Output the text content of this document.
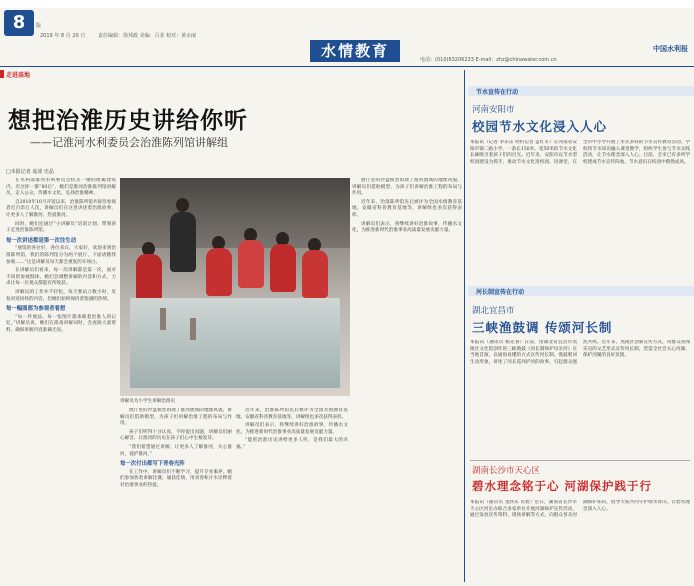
8	版
2019 年 8 月 20 日	责任编辑：徐邦政 美编：吕菲 校对：黄水丽
水情教育	电话：(010)63206233 E-mail：zhz@chinawater.com.cn
中国水利报
走进基地
想把治淮历史讲给你听
——记淮河水利委员会治淮陈列馆讲解组
□本报记者 庞沛 史晶

在水利部淮河水利委员会机关一楼的附属建筑内，有这样一群“80后”，她们是淮河治淮陈列馆讲解员，走入公众，传播水文化，弘扬治淮精神。

自2010年10月开馆以来，治淮陈列馆共接待参观者近百余万人次，讲解员们在这里讲述着治淮故事，让更多人了解淮河、热爱淮河。

同时，她们还通过“小讲解员”培训计划，带领孩子走进治淮陈列馆。

每一次讲述都是第一次往生动

“展馆的各位好，各位来宾，大家好，欢迎来到治淮陈列馆，我们的陈列馆分为两个展厅，下面请随我参观……”这是讲解员每天都会重复的开场白。

在讲解员们看来，每一次讲解都是第一次，面对不同的参观群体，她们会调整讲解的内容和方式，力求让每一位观众都能有所收获。

讲解员的工作并不轻松，每天要站立数小时，反复讲述同样的内容，但她们始终保持着饱满的热情。

每一幅图都为参观者着想

“每一件展品、每一张图片都承载着治淮人的记忆。”讲解员说，她们在准备讲解词时，会查阅大量资料，确保讲解内容准确无误。

讲解员为小学生讲解治淮史

展厅里的沙盘模型再现了淮河流域的地理风貌，讲解员们借助模型，为孩子们讲解治淮工程的布局与作用。

孩子们听得十分认真，不时提出问题，讲解员们耐心解答，让淮河的历史在孩子们心中生根发芽。

“我们希望通过讲解，让更多人了解淮河，关心淮河，爱护淮河。”

每一次付出都写下青春光阵

在工作中，讲解员们不断学习，提升专业素养。她们参加各类讲解比赛，屡获佳绩，用青春和汗水诠释着对治淮事业的热爱。

近年来，治淮陈列馆先后被评为全国水情教育基地、安徽省科普教育基地等，讲解组也多次获得表彰。

讲解员们表示，将继续讲好治淮故事，传播水文化，为推进新时代治淮事业高质量发展贡献力量。

“能把治淮历史讲给更多人听，是我们最大的幸福。”

展厅里的沙盘模型再现了淮河流域的地理风貌，讲解员们借助模型，为孩子们讲解治淮工程的布局与作用。

近年来，治淮陈列馆先后被评为全国水情教育基地、安徽省科普教育基地等，讲解组也多次获得表彰。

讲解员们表示，将继续讲好治淮故事，传播水文化，为推进新时代治淮事业高质量发展贡献力量。

节水宣传在行动
河南安阳市
校园节水文化浸入人心
本报讯（记者 李乐乐 特约记者 孟红军）在河南省安阳市钢二路小学，一条长150米、宽50米的节水文化长廊吸引着孩子们的目光。近年来，安阳市以节水型校园建设为抓手，推动节水文化进校园、进课堂，在全市中小学开展了形式多样的节水宣传教育活动。学校将节水知识融入课堂教学，组织学生参与节水实践活动，让节水理念深入人心。目前，全市已有多所学校建成节水宣传阵地，节水意识在校园中蔚然成风。
河长制宣传在行动
湖北宜昌市
三峡渔鼓调 传颂河长制
本报讯（通讯员 杨先睿）日前，由湖北省宜昌市夷陵区文化馆创作的三峡渔鼓《河长制保护母亲河》在当地首演，以通俗易懂的方式宣传河长制。渔鼓唱词生动形象，讲述了河长巡河护河的故事，引起群众强烈共鸣。近年来，夷陵区创新宣传方式，用群众喜闻乐见的文艺形式宣传河长制，营造全社会关心河湖、保护河湖的良好氛围。
湖南长沙市天心区
碧水理念铭于心 河湖保护践于行
本报讯（通讯员 龙欣乐 肖碧）近日，湖南省长沙市天心区河长办联合多家单位开展河湖保护宣传活动，通过发放宣传资料、现场讲解等方式，向群众普及河湖保护知识，倡导大家共同守护绿水青山，让碧水理念深入人心。
